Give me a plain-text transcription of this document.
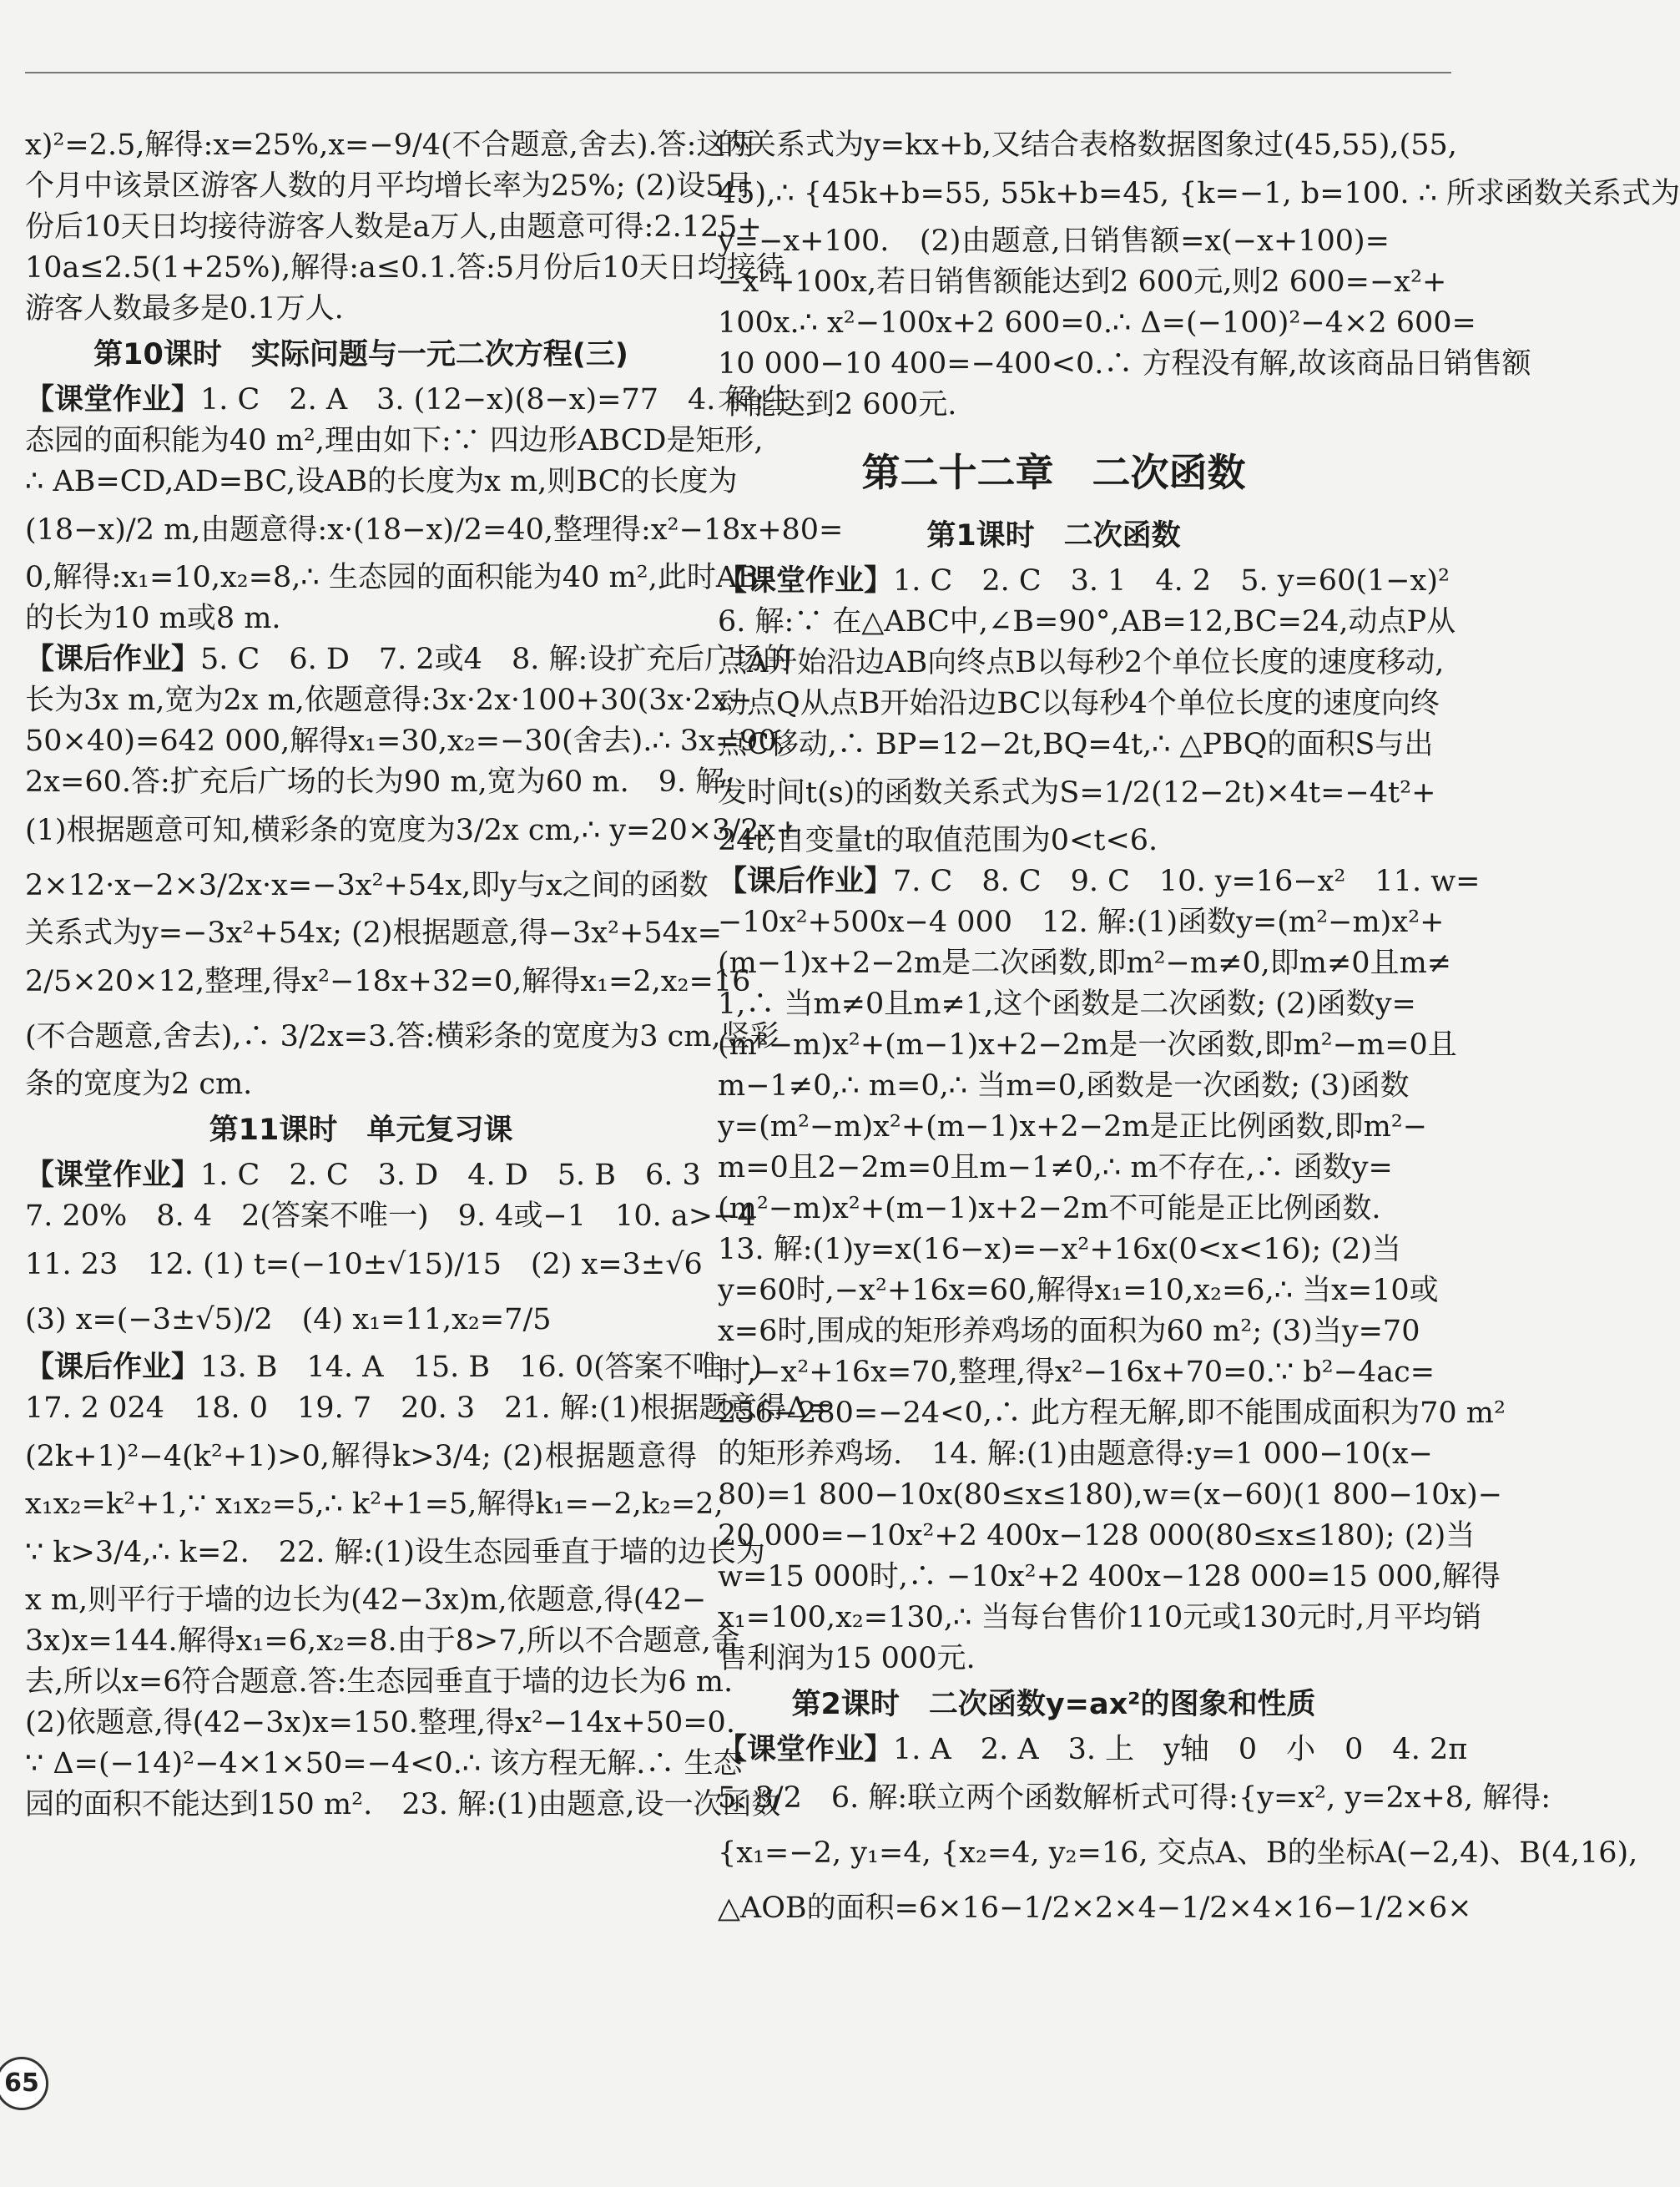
x)²=2.5,解得:x=25%,x=−9/4(不合题意,舍去).答:这两
个月中该景区游客人数的月平均增长率为25%; (2)设5月
份后10天日均接待游客人数是a万人,由题意可得:2.125+
10a≤2.5(1+25%),解得:a≤0.1.答:5月份后10天日均接待
游客人数最多是0.1万人.
第10课时　实际问题与一元二次方程(三)
【课堂作业】1. C　2. A　3. (12−x)(8−x)=77　4. 解:生
态园的面积能为40 m²,理由如下:∵ 四边形ABCD是矩形,
∴ AB=CD,AD=BC,设AB的长度为x m,则BC的长度为
(18−x)/2 m,由题意得:x·(18−x)/2=40,整理得:x²−18x+80=
0,解得:x₁=10,x₂=8,∴ 生态园的面积能为40 m²,此时AB
的长为10 m或8 m.
【课后作业】5. C　6. D　7. 2或4　8. 解:设扩充后广场的
长为3x m,宽为2x m,依题意得:3x·2x·100+30(3x·2x−
50×40)=642 000,解得x₁=30,x₂=−30(舍去).∴ 3x=90,
2x=60.答:扩充后广场的长为90 m,宽为60 m.　9. 解:
(1)根据题意可知,横彩条的宽度为3/2x cm,∴ y=20×3/2x+
2×12·x−2×3/2x·x=−3x²+54x,即y与x之间的函数
关系式为y=−3x²+54x; (2)根据题意,得−3x²+54x=
2/5×20×12,整理,得x²−18x+32=0,解得x₁=2,x₂=16
(不合题意,舍去),∴ 3/2x=3.答:横彩条的宽度为3 cm,竖彩
条的宽度为2 cm.
第11课时　单元复习课
【课堂作业】1. C　2. C　3. D　4. D　5. B　6. 3
7. 20%　8. 4　2(答案不唯一)　9. 4或−1　10. a>−4
11. 23　12. (1) t=(−10±√15)/15　(2) x=3±√6
(3) x=(−3±√5)/2　(4) x₁=11,x₂=7/5
【课后作业】13. B　14. A　15. B　16. 0(答案不唯一)
17. 2 024　18. 0　19. 7　20. 3　21. 解:(1)根据题意得Δ=
(2k+1)²−4(k²+1)>0,解得k>3/4; (2)根据题意得
x₁x₂=k²+1,∵ x₁x₂=5,∴ k²+1=5,解得k₁=−2,k₂=2,
∵ k>3/4,∴ k=2.　22. 解:(1)设生态园垂直于墙的边长为
x m,则平行于墙的边长为(42−3x)m,依题意,得(42−
3x)x=144.解得x₁=6,x₂=8.由于8>7,所以不合题意,舍
去,所以x=6符合题意.答:生态园垂直于墙的边长为6 m.
(2)依题意,得(42−3x)x=150.整理,得x²−14x+50=0.
∵ Δ=(−14)²−4×1×50=−4<0.∴ 该方程无解.∴ 生态
园的面积不能达到150 m².　23. 解:(1)由题意,设一次函数
的关系式为y=kx+b,又结合表格数据图象过(45,55),(55,
45),∴ {45k+b=55, 55k+b=45, {k=−1, b=100. ∴ 所求函数关系式为
y=−x+100.　(2)由题意,日销售额=x(−x+100)=
−x²+100x,若日销售额能达到2 600元,则2 600=−x²+
100x.∴ x²−100x+2 600=0.∴ Δ=(−100)²−4×2 600=
10 000−10 400=−400<0.∴ 方程没有解,故该商品日销售额
不能达到2 600元.
第二十二章　二次函数
第1课时　二次函数
【课堂作业】1. C　2. C　3. 1　4. 2　5. y=60(1−x)²
6. 解:∵ 在△ABC中,∠B=90°,AB=12,BC=24,动点P从
点A开始沿边AB向终点B以每秒2个单位长度的速度移动,
动点Q从点B开始沿边BC以每秒4个单位长度的速度向终
点C移动,∴ BP=12−2t,BQ=4t,∴ △PBQ的面积S与出
发时间t(s)的函数关系式为S=1/2(12−2t)×4t=−4t²+
24t,自变量t的取值范围为0<t<6.
【课后作业】7. C　8. C　9. C　10. y=16−x²　11. w=
−10x²+500x−4 000　12. 解:(1)函数y=(m²−m)x²+
(m−1)x+2−2m是二次函数,即m²−m≠0,即m≠0且m≠
1,∴ 当m≠0且m≠1,这个函数是二次函数; (2)函数y=
(m²−m)x²+(m−1)x+2−2m是一次函数,即m²−m=0且
m−1≠0,∴ m=0,∴ 当m=0,函数是一次函数; (3)函数
y=(m²−m)x²+(m−1)x+2−2m是正比例函数,即m²−
m=0且2−2m=0且m−1≠0,∴ m不存在,∴ 函数y=
(m²−m)x²+(m−1)x+2−2m不可能是正比例函数.
13. 解:(1)y=x(16−x)=−x²+16x(0<x<16); (2)当
y=60时,−x²+16x=60,解得x₁=10,x₂=6,∴ 当x=10或
x=6时,围成的矩形养鸡场的面积为60 m²; (3)当y=70
时,−x²+16x=70,整理,得x²−16x+70=0.∵ b²−4ac=
256−280=−24<0,∴ 此方程无解,即不能围成面积为70 m²
的矩形养鸡场.　14. 解:(1)由题意得:y=1 000−10(x−
80)=1 800−10x(80≤x≤180),w=(x−60)(1 800−10x)−
20 000=−10x²+2 400x−128 000(80≤x≤180); (2)当
w=15 000时,∴ −10x²+2 400x−128 000=15 000,解得
x₁=100,x₂=130,∴ 当每台售价110元或130元时,月平均销
售利润为15 000元.
第2课时　二次函数y=ax²的图象和性质
【课堂作业】1. A　2. A　3. 上　y轴　0　小　0　4. 2π
5. 3/2　6. 解:联立两个函数解析式可得:{y=x², y=2x+8, 解得:
{x₁=−2, y₁=4, {x₂=4, y₂=16, 交点A、B的坐标A(−2,4)、B(4,16),
△AOB的面积=6×16−1/2×2×4−1/2×4×16−1/2×6×
65
